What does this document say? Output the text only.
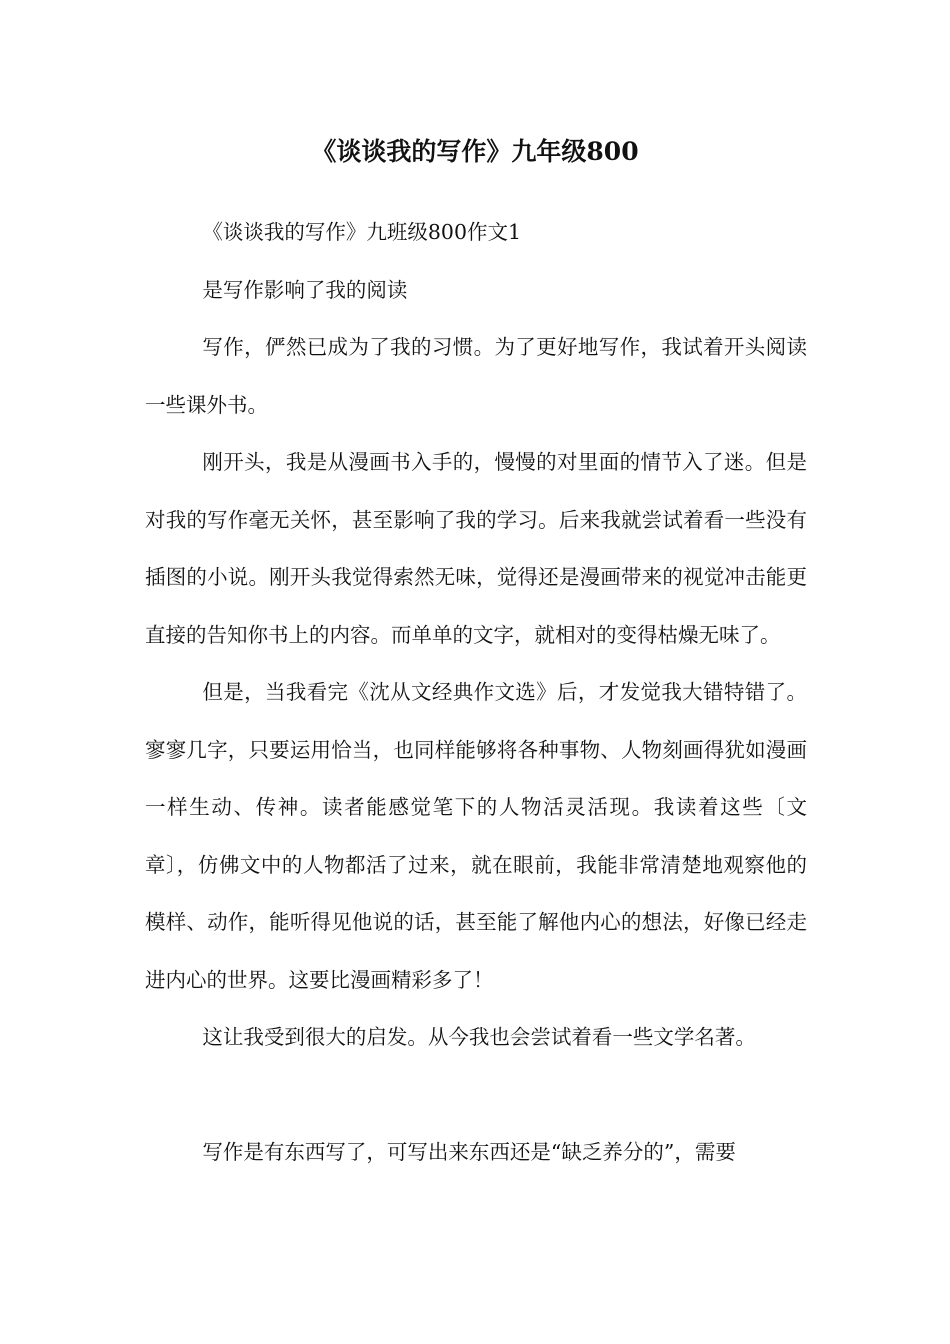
《谈谈我的写作》九年级800

《谈谈我的写作》九班级800作文1

是写作影响了我的阅读

写作，俨然已成为了我的习惯。为了更好地写作，我试着开头阅读一些课外书。

刚开头，我是从漫画书入手的，慢慢的对里面的情节入了迷。但是对我的写作毫无关怀，甚至影响了我的学习。后来我就尝试着看一些没有插图的小说。刚开头我觉得索然无味，觉得还是漫画带来的视觉冲击能更直接的告知你书上的内容。而单单的文字，就相对的变得枯燥无味了。

但是，当我看完《沈从文经典作文选》后，才发觉我大错特错了。寥寥几字，只要运用恰当，也同样能够将各种事物、人物刻画得犹如漫画一样生动、传神。读者能感觉笔下的人物活灵活现。我读着这些〔文章〕，仿佛文中的人物都活了过来，就在眼前，我能非常清楚地观察他的模样、动作，能听得见他说的话，甚至能了解他内心的想法，好像已经走进内心的世界。这要比漫画精彩多了！

这让我受到很大的启发。从今我也会尝试着看一些文学名著。

写作是有东西写了，可写出来东西还是“缺乏养分的”，需要
